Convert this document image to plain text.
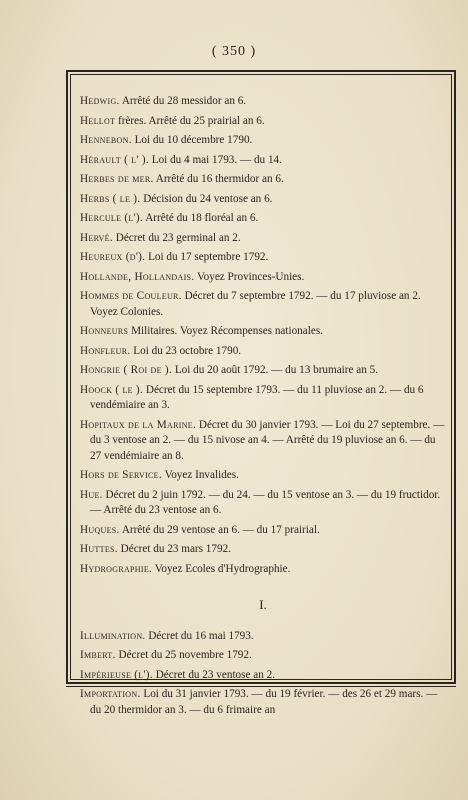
( 350 )

Hedwig. Arrêté du 28 messidor an 6.

Hellot frères. Arrêté du 25 prairial an 6.

Hennebon. Loi du 10 décembre 1790.

Hérault ( l' ). Loi du 4 mai 1793. — du 14.

Herbes de mer. Arrêté du 16 thermidor an 6.

Herbs ( le ). Décision du 24 ventose an 6.

Hercule (l'). Arrêté du 18 floréal an 6.

Hervé. Décret du 23 germinal an 2.

Heureux (d'). Loi du 17 septembre 1792.

Hollande, Hollandais. Voyez Provinces-Unies.

Hommes de Couleur. Décret du 7 septembre 1792. — du 17 pluviose an 2. Voyez Colonies.

Honneurs Militaires. Voyez Récompenses nationales.

Honfleur. Loi du 23 octobre 1790.

Hongrie ( Roi de ). Loi du 20 août 1792. — du 13 brumaire an 5.

Hoock ( le ). Décret du 15 septembre 1793. — du 11 pluviose an 2. — du 6 vendémiaire an 3.

Hopitaux de la Marine. Décret du 30 janvier 1793. — Loi du 27 septembre. — du 3 ventose an 2. — du 15 nivose an 4. — Arrêté du 19 pluviose an 6. — du 27 vendémiaire an 8.

Hors de Service. Voyez Invalides.

Hue. Décret du 2 juin 1792. — du 24. — du 15 ventose an 3. — du 19 fructidor. — Arrêté du 23 ventose an 6.

Huques. Arrêté du 29 ventose an 6. — du 17 prairial.

Huttes. Décret du 23 mars 1792.

Hydrographie. Voyez Ecoles d'Hydrographie.

I.

Illumination. Décret du 16 mai 1793.

Imbert. Décret du 25 novembre 1792.

Impérieuse (l'). Décret du 23 ventose an 2.

Importation. Loi du 31 janvier 1793. — du 19 février. — des 26 et 29 mars. — du 20 thermidor an 3. — du 6 frimaire an
